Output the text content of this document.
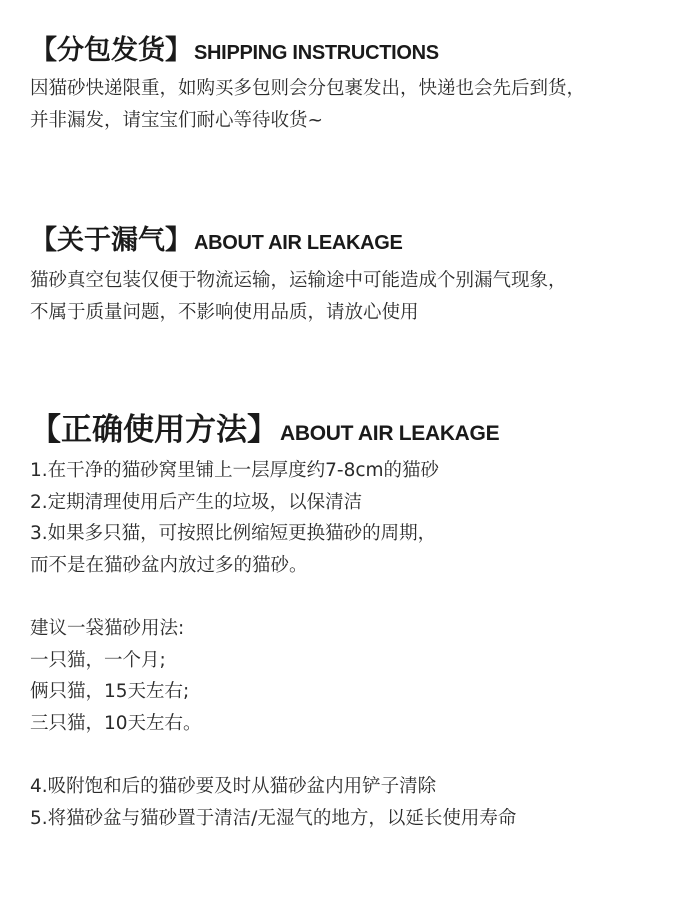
【分包发货】 SHIPPING INSTRUCTIONS
因猫砂快递限重，如购买多包则会分包裹发出，快递也会先后到货，
并非漏发，请宝宝们耐心等待收货~
【关于漏气】 ABOUT AIR LEAKAGE
猫砂真空包装仅便于物流运输，运输途中可能造成个别漏气现象，
不属于质量问题，不影响使用品质，请放心使用
【正确使用方法】 ABOUT AIR LEAKAGE
1.在干净的猫砂窝里铺上一层厚度约7-8cm的猫砂
2.定期清理使用后产生的垃圾，以保清洁
3.如果多只猫，可按照比例缩短更换猫砂的周期，
而不是在猫砂盆内放过多的猫砂。
建议一袋猫砂用法:
一只猫，一个月;
俩只猫，15天左右;
三只猫，10天左右。
4.吸附饱和后的猫砂要及时从猫砂盆内用铲子清除
5.将猫砂盆与猫砂置于清洁/无湿气的地方，以延长使用寿命
